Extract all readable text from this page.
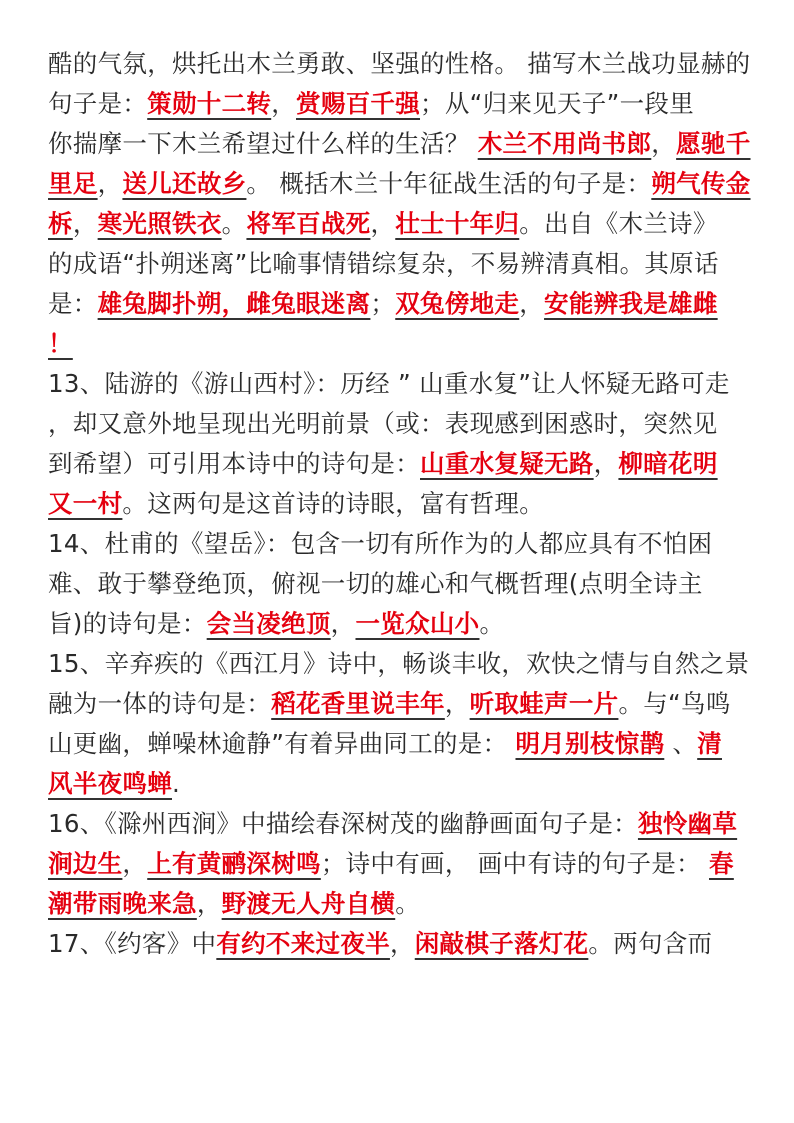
酷的气氛，烘托出木兰勇敢、坚强的性格。 描写木兰战功显赫的
句子是：策勋十二转，赏赐百千强；从“归来见天子”一段里
你揣摩一下木兰希望过什么样的生活？ 木兰不用尚书郎，愿驰千
里足，送儿还故乡。 概括木兰十年征战生活的句子是：朔气传金
柝，寒光照铁衣。将军百战死，壮士十年归。出自《木兰诗》
的成语“扑朔迷离”比喻事情错综复杂，不易辨清真相。其原话
是：雄兔脚扑朔，雌兔眼迷离；双兔傍地走，安能辨我是雄雌
！
13、陆游的《游山西村》：历经 ” 山重水复”让人怀疑无路可走
，却又意外地呈现出光明前景（或：表现感到困惑时，突然见
到希望）可引用本诗中的诗句是：山重水复疑无路，柳暗花明
又一村。这两句是这首诗的诗眼，富有哲理。
14、杜甫的《望岳》：包含一切有所作为的人都应具有不怕困
难、敢于攀登绝顶，俯视一切的雄心和气概哲理(点明全诗主
旨)的诗句是：会当凌绝顶，一览众山小。
15、辛弃疾的《西江月》诗中，畅谈丰收，欢快之情与自然之景
融为一体的诗句是：稻花香里说丰年，听取蛙声一片。与“鸟鸣
山更幽，蝉噪林逾静”有着异曲同工的是： 明月别枝惊鹊 、清
风半夜鸣蝉.
16、《滁州西涧》中描绘春深树茂的幽静画面句子是：独怜幽草
涧边生，上有黄鹂深树鸣；诗中有画， 画中有诗的句子是： 春
潮带雨晚来急，野渡无人舟自横。
17、《约客》中有约不来过夜半，闲敲棋子落灯花。两句含而
